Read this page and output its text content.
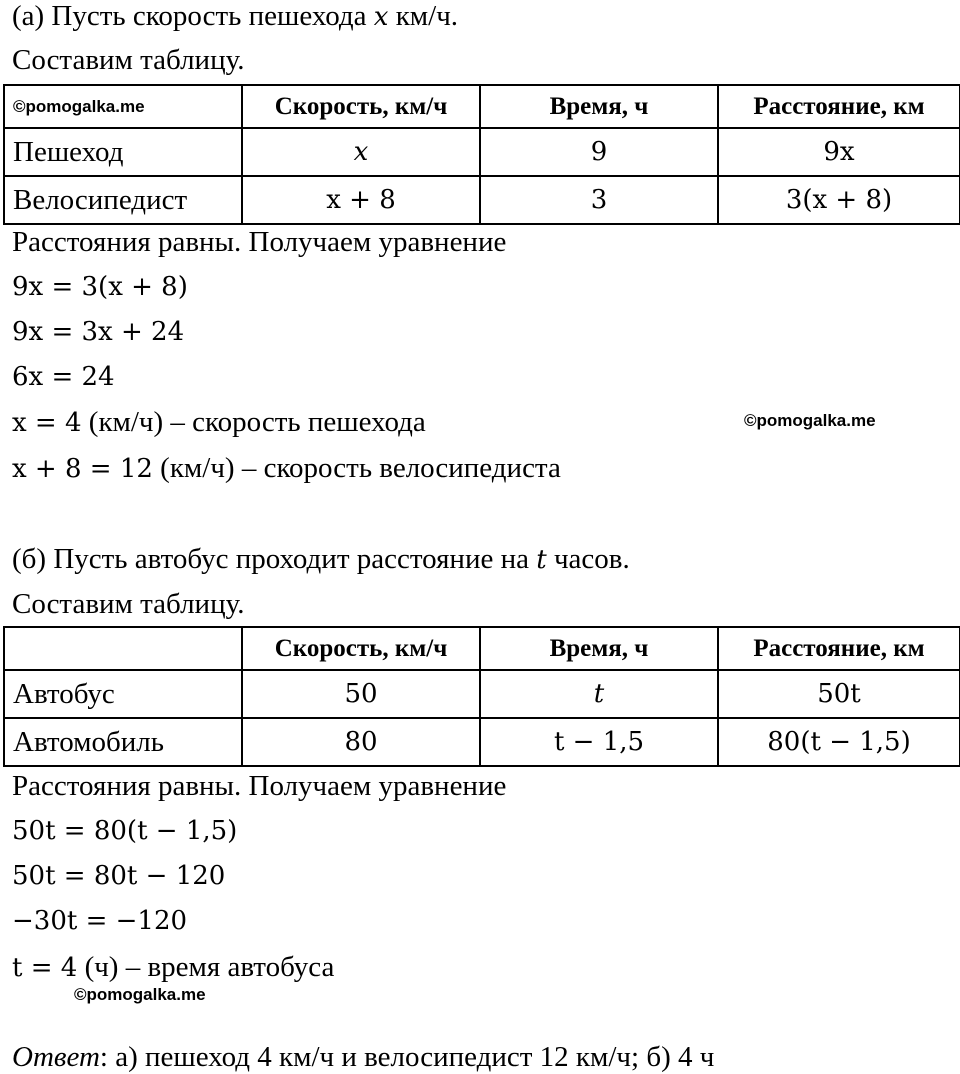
(а) Пусть скорость пешехода x км/ч.
Составим таблицу.
©pomogalka.me	Скорость, км/ч	Время, ч	Расстояние, км
Пешеход	x	9	9x
Велосипедист	x + 8	3	3(x + 8)
Расстояния равны. Получаем уравнение
9x = 3(x + 8)
9x = 3x + 24
6x = 24
x = 4 (км/ч) – скорость пешехода	©pomogalka.me
x + 8 = 12 (км/ч) – скорость велосипедиста
(б) Пусть автобус проходит расстояние на t часов.
Составим таблицу.
	Скорость, км/ч	Время, ч	Расстояние, км
Автобус	50	t	50t
Автомобиль	80	t − 1,5	80(t − 1,5)
Расстояния равны. Получаем уравнение
50t = 80(t − 1,5)
50t = 80t − 120
−30t = −120
t = 4 (ч) – время автобуса
©pomogalka.me
Ответ: а) пешеход 4 км/ч и велосипедист 12 км/ч; б) 4 ч
